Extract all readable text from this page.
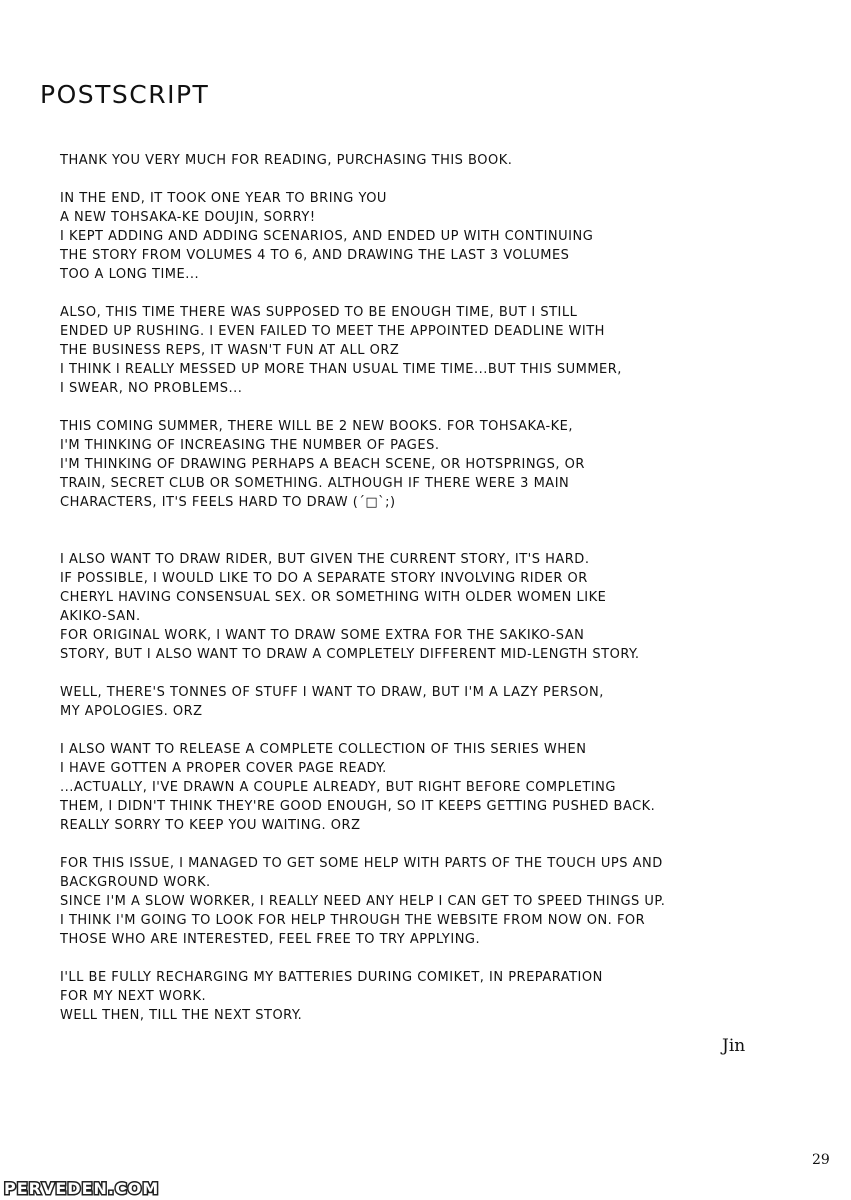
POSTSCRIPT
THANK YOU VERY MUCH FOR READING, PURCHASING THIS BOOK.
IN THE END, IT TOOK ONE YEAR TO BRING YOU
A NEW TOHSAKA-KE DOUJIN, SORRY!
I KEPT ADDING AND ADDING SCENARIOS, AND ENDED UP WITH CONTINUING
THE STORY FROM VOLUMES 4 TO 6, AND DRAWING THE LAST 3 VOLUMES
TOO A LONG TIME...
ALSO, THIS TIME THERE WAS SUPPOSED TO BE ENOUGH TIME, BUT I STILL
ENDED UP RUSHING. I EVEN FAILED TO MEET THE APPOINTED DEADLINE WITH
THE BUSINESS REPS, IT WASN'T FUN AT ALL ORZ
I THINK I REALLY MESSED UP MORE THAN USUAL TIME TIME...BUT THIS SUMMER,
I SWEAR, NO PROBLEMS...
THIS COMING SUMMER, THERE WILL BE 2 NEW BOOKS. FOR TOHSAKA-KE,
I'M THINKING OF INCREASING THE NUMBER OF PAGES.
I'M THINKING OF DRAWING PERHAPS A BEACH SCENE, OR HOTSPRINGS, OR
TRAIN, SECRET CLUB OR SOMETHING. ALTHOUGH IF THERE WERE 3 MAIN
CHARACTERS, IT'S FEELS HARD TO DRAW (´□`;)
I ALSO WANT TO DRAW RIDER, BUT GIVEN THE CURRENT STORY, IT'S HARD.
IF POSSIBLE, I WOULD LIKE TO DO A SEPARATE STORY INVOLVING RIDER OR
CHERYL HAVING CONSENSUAL SEX. OR SOMETHING WITH OLDER WOMEN LIKE
AKIKO-SAN.
FOR ORIGINAL WORK, I WANT TO DRAW SOME EXTRA FOR THE SAKIKO-SAN
STORY, BUT I ALSO WANT TO DRAW A COMPLETELY DIFFERENT MID-LENGTH STORY.
WELL, THERE'S TONNES OF STUFF I WANT TO DRAW, BUT I'M A LAZY PERSON,
MY APOLOGIES. ORZ
I ALSO WANT TO RELEASE A COMPLETE COLLECTION OF THIS SERIES WHEN
I HAVE GOTTEN A PROPER COVER PAGE READY.
...ACTUALLY, I'VE DRAWN A COUPLE ALREADY, BUT RIGHT BEFORE COMPLETING
THEM, I DIDN'T THINK THEY'RE GOOD ENOUGH, SO IT KEEPS GETTING PUSHED BACK.
REALLY SORRY TO KEEP YOU WAITING. ORZ
FOR THIS ISSUE, I MANAGED TO GET SOME HELP WITH PARTS OF THE TOUCH UPS AND
BACKGROUND WORK.
SINCE I'M A SLOW WORKER, I REALLY NEED ANY HELP I CAN GET TO SPEED THINGS UP.
I THINK I'M GOING TO LOOK FOR HELP THROUGH THE WEBSITE FROM NOW ON. FOR
THOSE WHO ARE INTERESTED, FEEL FREE TO TRY APPLYING.
I'LL BE FULLY RECHARGING MY BATTERIES DURING COMIKET, IN PREPARATION
FOR MY NEXT WORK.
WELL THEN, TILL THE NEXT STORY.
Jin
29
PERVEDEN.COM
